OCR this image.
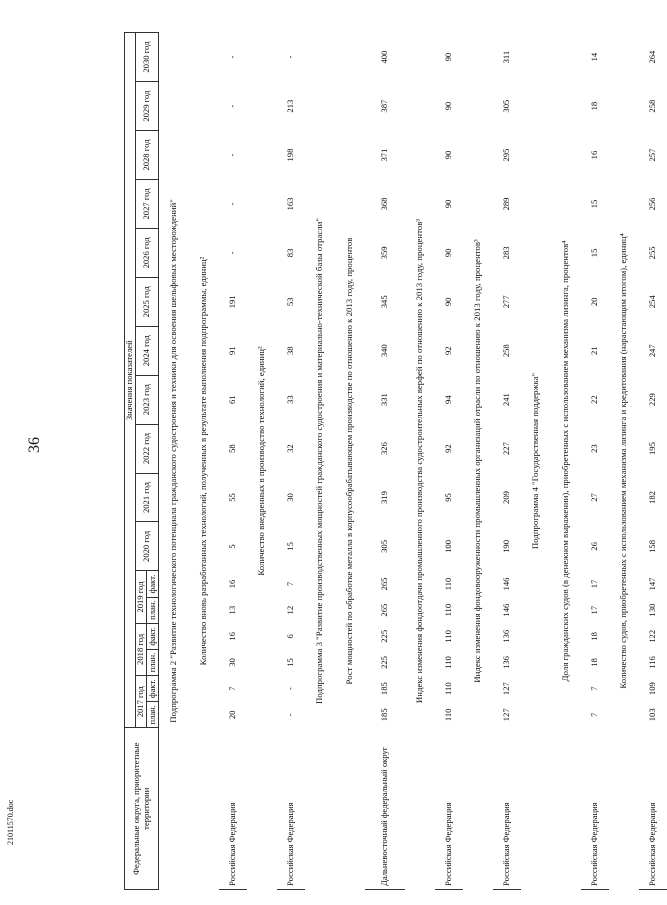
36
21011570.doc	Федеральные округа, приоритетные территории	Значения показателей																
	2017 год		2018 год		2019 год		2020 год	2021 год	2022 год	2023 год	2024 год	2025 год	2026 год	2027 год	2028 год	2029 год	2030 год
	план.	факт.	план.	факт.	план.	факт.											
Подпрограмма 2 "Развитие технологического потенциала гражданского судостроения и техники для освоения шельфовых месторождений"																	
Количество вновь разработанных технологий, полученных в результате выполнения подпрограммы, единиц²																	
Российская Федерация	20	7	30	16	13	16	5	55	58	61	91	191	-	-	-	-	-
Количество внедренных в производство технологий, единиц²																	
Российская Федерация	-	-	15	6	12	7	15	30	32	33	38	53	83	163	198	213	-
Подпрограмма 3 "Развитие производственных мощностей гражданского судостроения и материально-технической базы отрасли"																	
Рост мощностей по обработке металла в корпусообрабатывающем производстве по отношению к 2013 году, процентов																	
Дальневосточный федеральный округ	185	185	225	225	265	265	305	319	326	331	340	345	359	368	371	387	400
Индекс изменения фондоотдачи промышленного производства судостроительных верфей по отношению к 2013 году, процентов³																	
Российская Федерация	110	110	110	110	110	110	100	95	92	94	92	90	90	90	90	90	90
Индекс изменения фондовооруженности промышленных организаций отрасли по отношению к 2013 году, процентов³																	
Российская Федерация	127	127	136	136	146	146	190	209	227	241	258	277	283	289	295	305	311
Подпрограмма 4 "Государственная поддержка"																	
Доля гражданских судов (в денежном выражении), приобретенных с использованием механизма лизинга, процентов⁴																	
Российская Федерация	7	7	18	18	17	17	26	27	23	22	21	20	15	15	16	18	14
Количество судов, приобретенных с использованием механизма лизинга и кредитования (нарастающим итогом), единиц⁴																	
Российская Федерация	103	109	116	122	130	147	158	182	195	229	247	254	255	256	257	258	264
